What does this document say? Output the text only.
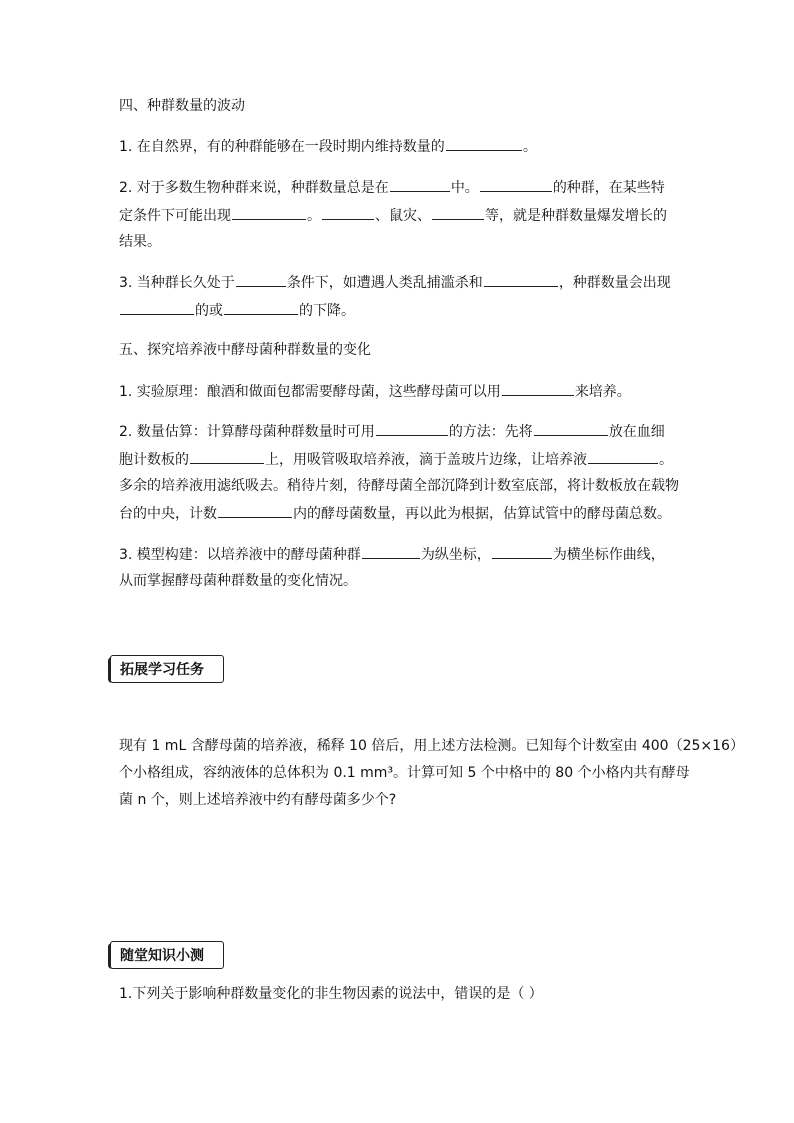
四、种群数量的波动
1. 在自然界，有的种群能够在一段时期内维持数量的	。
2. 对于多数生物种群来说，种群数量总是在	中。	的种群，在某些特
定条件下可能出现	。	、鼠灾、	等，就是种群数量爆发增长的
结果。
3. 当种群长久处于	条件下，如遭遇人类乱捕滥杀和	，种群数量会出现
的或	的下降。
五、探究培养液中酵母菌种群数量的变化
1. 实验原理：酿酒和做面包都需要酵母菌，这些酵母菌可以用	来培养。
2. 数量估算：计算酵母菌种群数量时可用	的方法：先将	放在血细
胞计数板的	上，用吸管吸取培养液，滴于盖玻片边缘，让培养液	。
多余的培养液用滤纸吸去。稍待片刻，待酵母菌全部沉降到计数室底部，将计数板放在载物
台的中央，计数	内的酵母菌数量，再以此为根据，估算试管中的酵母菌总数。
3. 模型构建：以培养液中的酵母菌种群	为纵坐标，	为横坐标作曲线，
从而掌握酵母菌种群数量的变化情况。
拓展学习任务
现有 1 mL 含酵母菌的培养液，稀释 10 倍后，用上述方法检测。已知每个计数室由 400（25×16）
个小格组成，容纳液体的总体积为 0.1 mm³。计算可知 5 个中格中的 80 个小格内共有酵母
菌 n 个，则上述培养液中约有酵母菌多少个?
随堂知识小测
1.下列关于影响种群数量变化的非生物因素的说法中，错误的是（ ）
